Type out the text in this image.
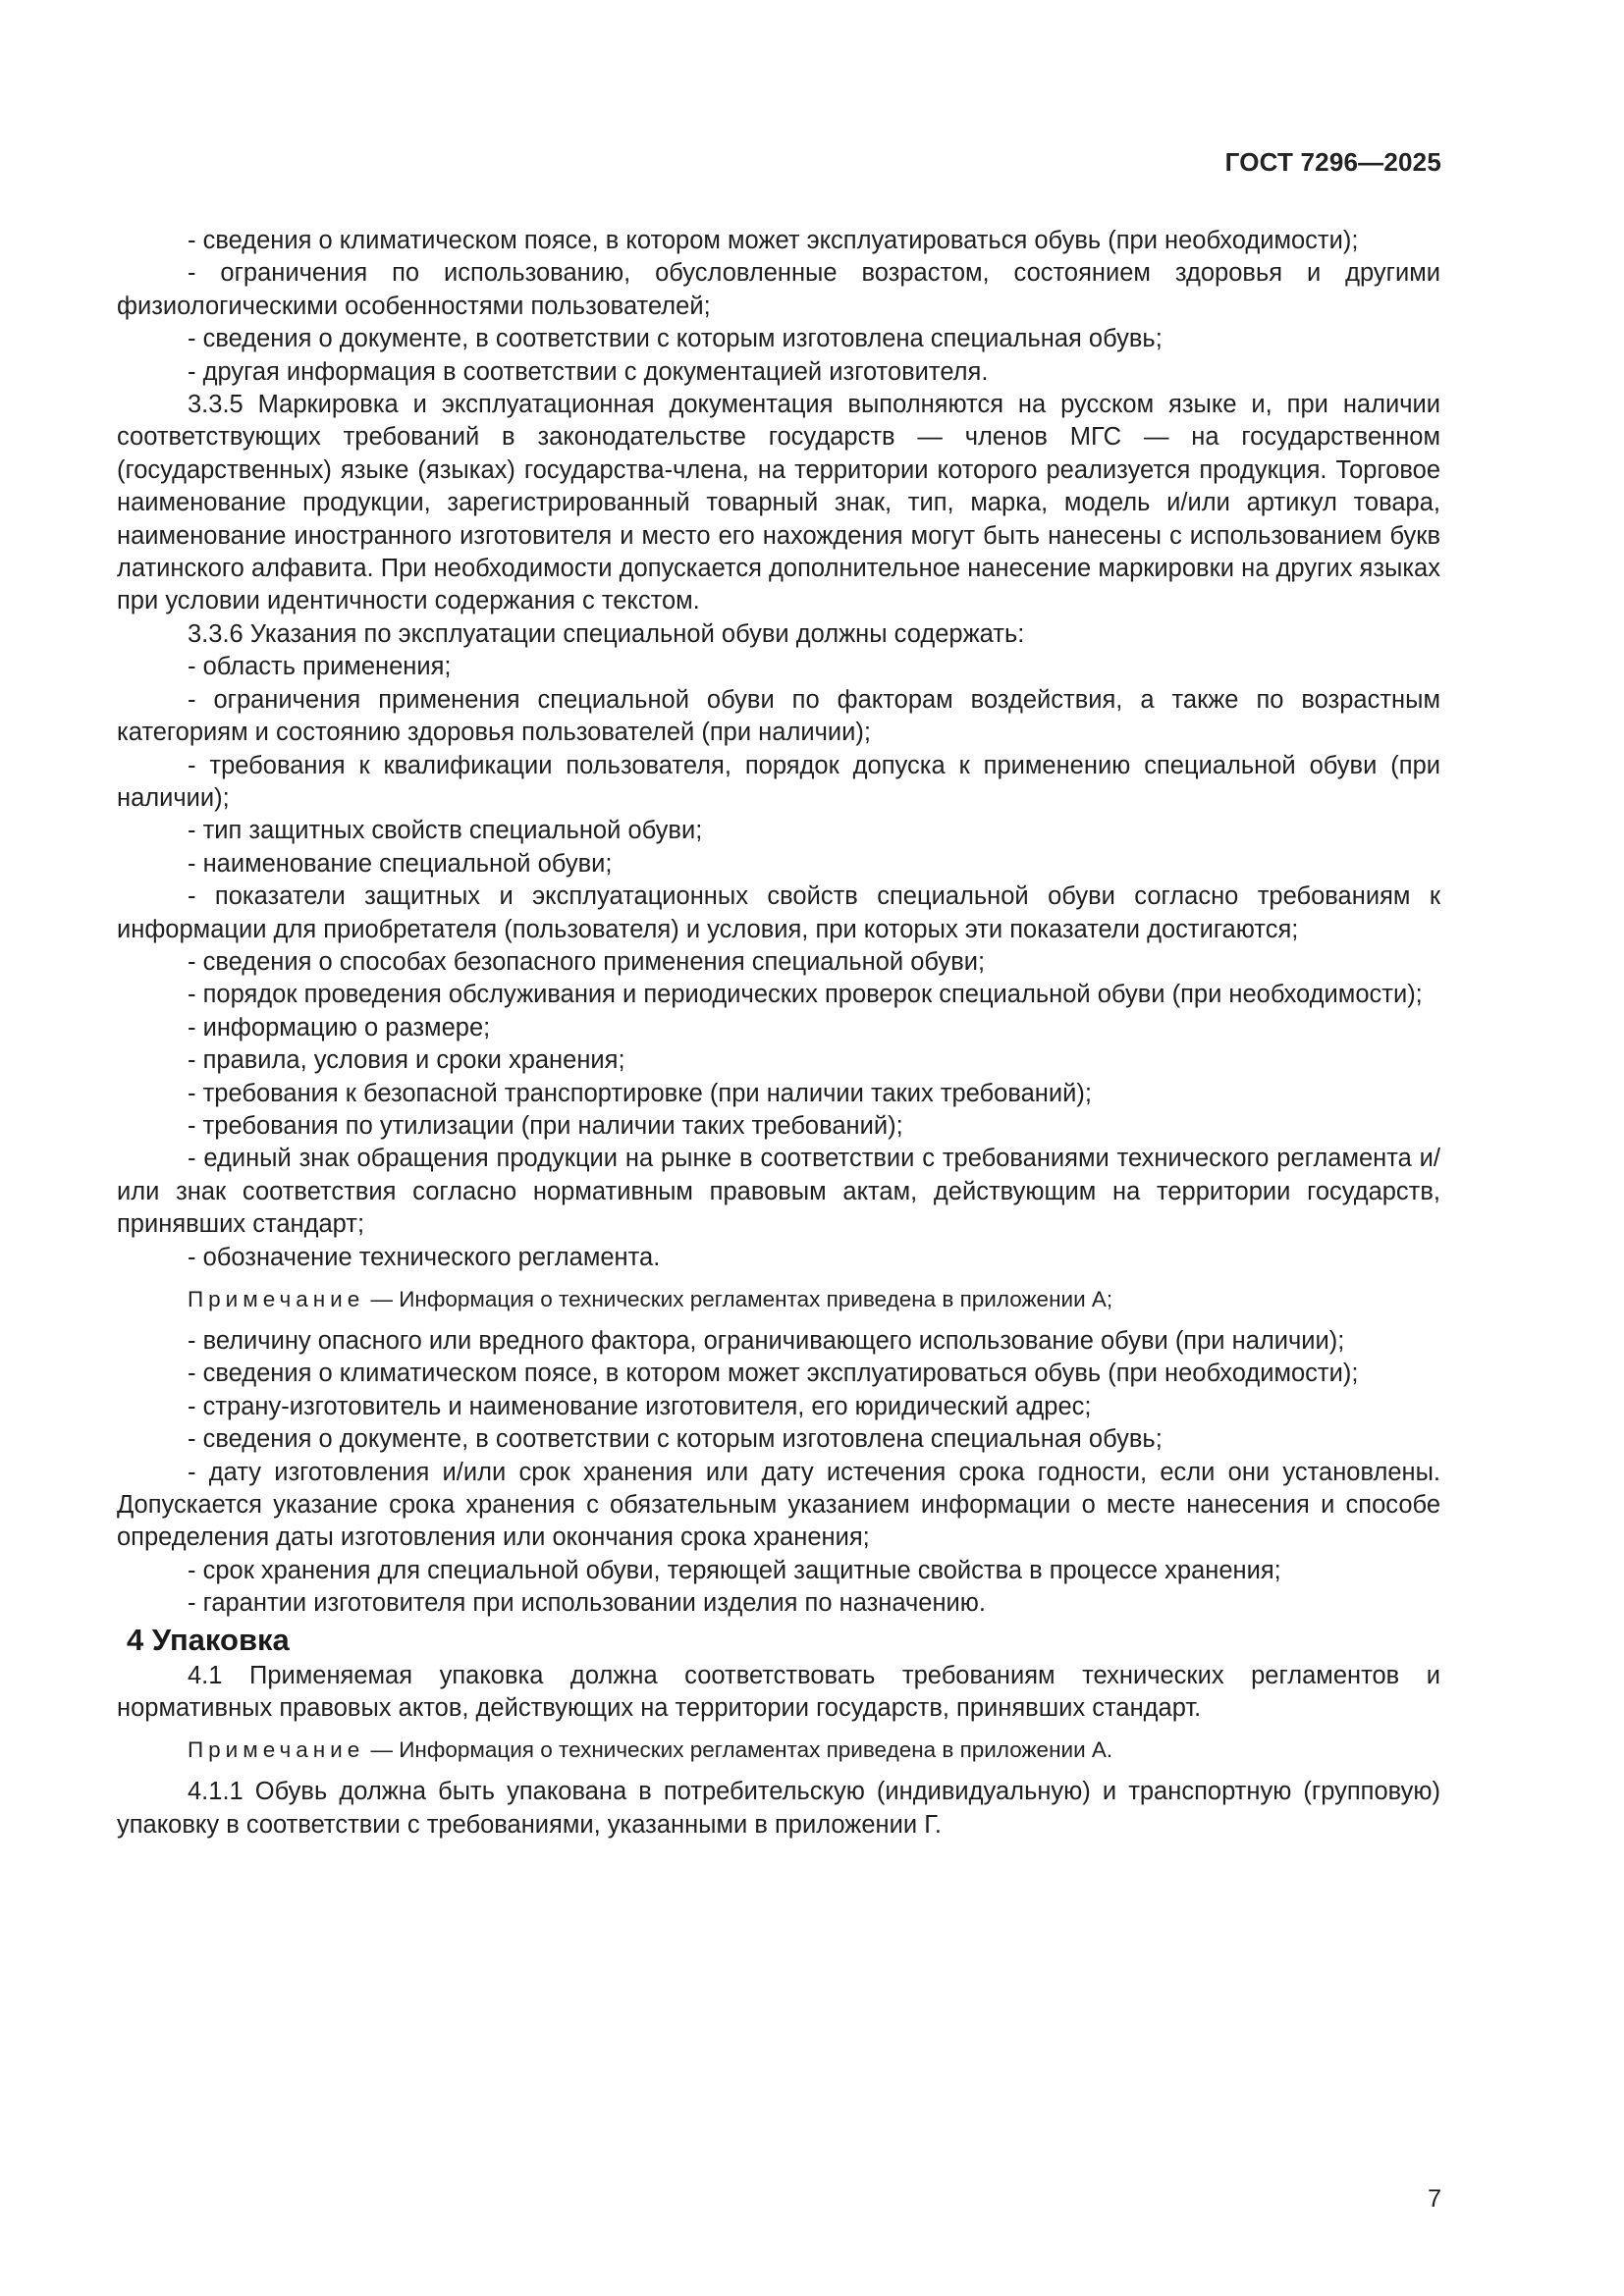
ГОСТ 7296—2025

- сведения о климатическом поясе, в котором может эксплуатироваться обувь (при необходимости);

- ограничения по использованию, обусловленные возрастом, состоянием здоровья и другими физиологическими особенностями пользователей;

- сведения о документе, в соответствии с которым изготовлена специальная обувь;

- другая информация в соответствии с документацией изготовителя.

3.3.5 Маркировка и эксплуатационная документация выполняются на русском языке и, при наличии соответствующих требований в законодательстве государств — членов МГС — на государственном (государственных) языке (языках) государства-члена, на территории которого реализуется продукция. Торговое наименование продукции, зарегистрированный товарный знак, тип, марка, модель и/или артикул товара, наименование иностранного изготовителя и место его нахождения могут быть нанесены с использованием букв латинского алфавита. При необходимости допускается дополнительное нанесение маркировки на других языках при условии идентичности содержания с текстом.

3.3.6 Указания по эксплуатации специальной обуви должны содержать:

- область применения;

- ограничения применения специальной обуви по факторам воздействия, а также по возрастным категориям и состоянию здоровья пользователей (при наличии);

- требования к квалификации пользователя, порядок допуска к применению специальной обуви (при наличии);

- тип защитных свойств специальной обуви;

- наименование специальной обуви;

- показатели защитных и эксплуатационных свойств специальной обуви согласно требованиям к информации для приобретателя (пользователя) и условия, при которых эти показатели достигаются;

- сведения о способах безопасного применения специальной обуви;

- порядок проведения обслуживания и периодических проверок специальной обуви (при необходимости);

- информацию о размере;

- правила, условия и сроки хранения;

- требования к безопасной транспортировке (при наличии таких требований);

- требования по утилизации (при наличии таких требований);

- единый знак обращения продукции на рынке в соответствии с требованиями технического регламента и/или знак соответствия согласно нормативным правовым актам, действующим на территории государств, принявших стандарт;

- обозначение технического регламента.

Примечание — Информация о технических регламентах приведена в приложении А;

- величину опасного или вредного фактора, ограничивающего использование обуви (при наличии);

- сведения о климатическом поясе, в котором может эксплуатироваться обувь (при необходимости);

- страну-изготовитель и наименование изготовителя, его юридический адрес;

- сведения о документе, в соответствии с которым изготовлена специальная обувь;

- дату изготовления и/или срок хранения или дату истечения срока годности, если они установлены. Допускается указание срока хранения с обязательным указанием информации о месте нанесения и способе определения даты изготовления или окончания срока хранения;

- срок хранения для специальной обуви, теряющей защитные свойства в процессе хранения;

- гарантии изготовителя при использовании изделия по назначению.

4 Упаковка

4.1 Применяемая упаковка должна соответствовать требованиям технических регламентов и нормативных правовых актов, действующих на территории государств, принявших стандарт.

Примечание — Информация о технических регламентах приведена в приложении А.

4.1.1 Обувь должна быть упакована в потребительскую (индивидуальную) и транспортную (групповую) упаковку в соответствии с требованиями, указанными в приложении Г.

7
